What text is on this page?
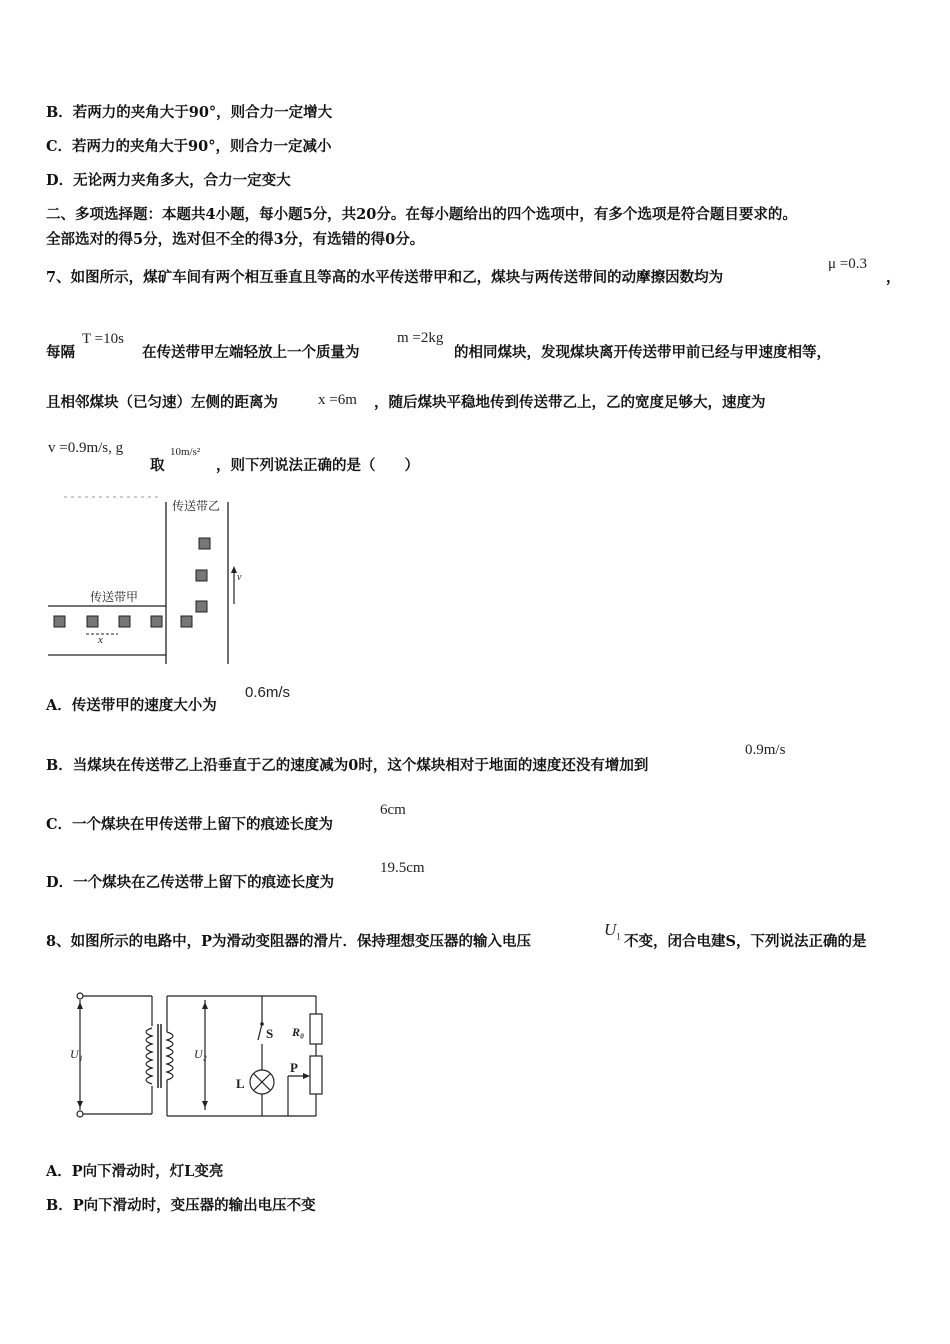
B．若两力的夹角大于90°，则合力一定增大
C．若两力的夹角大于90°，则合力一定减小
D．无论两力夹角多大，合力一定变大
二、多项选择题：本题共4小题，每小题5分，共20分。在每小题给出的四个选项中，有多个选项是符合题目要求的。
全部选对的得5分，选对但不全的得3分，有选错的得0分。
7、如图所示，煤矿车间有两个相互垂直且等高的水平传送带甲和乙，煤块与两传送带间的动摩擦因数均为
μ =0.3
，
每隔
T =10s
在传送带甲左端轻放上一个质量为
m =2kg
的相同煤块，发现煤块离开传送带甲前已经与甲速度相等，
且相邻煤块（已匀速）左侧的距离为	x =6m ，随后煤块平稳地传到传送带乙上，乙的宽度足够大，速度为
v =0.9m/s, g
取
10m/s²
，则下列说法正确的是（　　）
传送带乙
传送带甲
x
v
A．传送带甲的速度大小为
0.6m/s
B．当煤块在传送带乙上沿垂直于乙的速度减为0时，这个煤块相对于地面的速度还没有增加到
0.9m/s
C．一个煤块在甲传送带上留下的痕迹长度为
6cm
D．一个煤块在乙传送带上留下的痕迹长度为
19.5cm
8、如图所示的电路中，P为滑动变阻器的滑片．保持理想变压器的输入电压
$U_1$ 不变，闭合电建S，下列说法正确的是
U₁	U₂
S R₀
P
L
A．P向下滑动时，灯L变亮
B．P向下滑动时，变压器的输出电压不变
